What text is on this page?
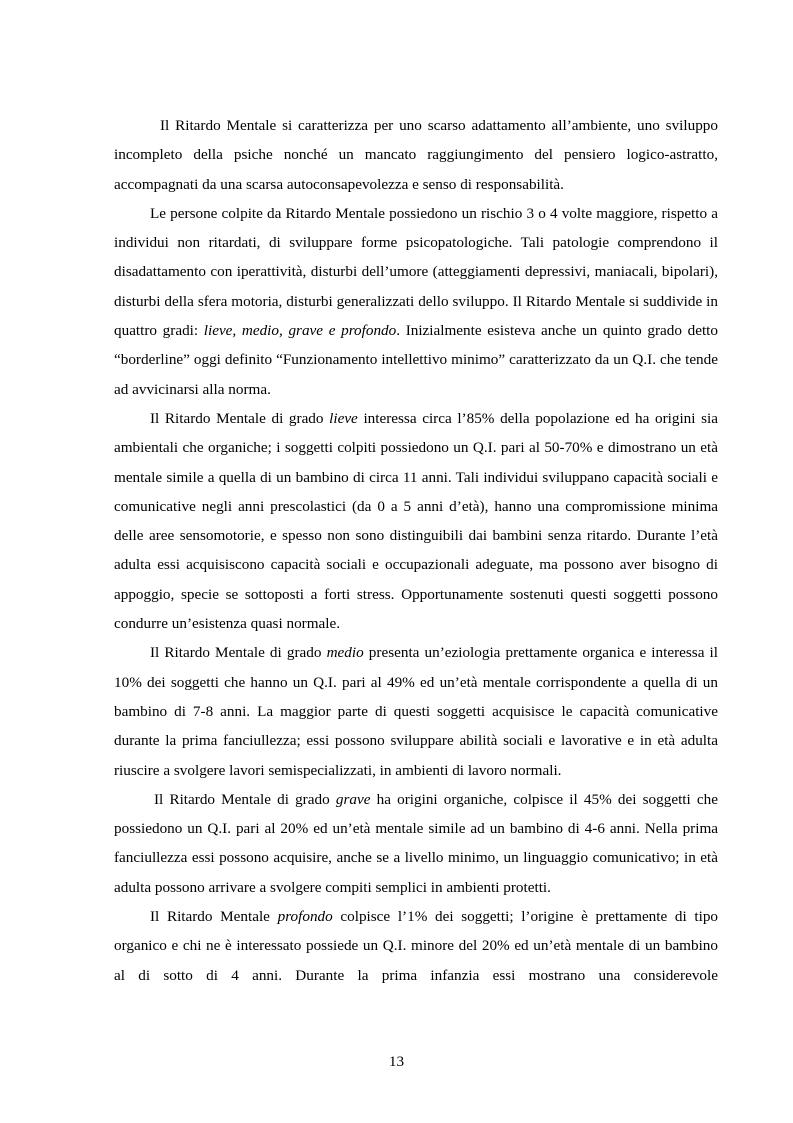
Il Ritardo Mentale si caratterizza per uno scarso adattamento all’ambiente, uno sviluppo incompleto della psiche nonché un mancato raggiungimento del pensiero logico-astratto, accompagnati da una scarsa autoconsapevolezza e senso di responsabilità.

Le persone colpite da Ritardo Mentale possiedono un rischio 3 o 4 volte maggiore, rispetto a individui non ritardati, di sviluppare forme psicopatologiche. Tali patologie comprendono il disadattamento con iperattività, disturbi dell’umore (atteggiamenti depressivi, maniacali, bipolari), disturbi della sfera motoria, disturbi generalizzati dello sviluppo. Il Ritardo Mentale si suddivide in quattro gradi: lieve, medio, grave e profondo. Inizialmente esisteva anche un quinto grado detto “borderline” oggi definito “Funzionamento intellettivo minimo” caratterizzato da un Q.I. che tende ad avvicinarsi alla norma.

Il Ritardo Mentale di grado lieve interessa circa l’85% della popolazione ed ha origini sia ambientali che organiche; i soggetti colpiti possiedono un Q.I. pari al 50-70% e dimostrano un età mentale simile a quella di un bambino di circa 11 anni. Tali individui sviluppano capacità sociali e comunicative negli anni prescolastici (da 0 a 5 anni d’età), hanno una compromissione minima delle aree sensomotorie, e spesso non sono distinguibili dai bambini senza ritardo. Durante l’età adulta essi acquisiscono capacità sociali e occupazionali adeguate, ma possono aver bisogno di appoggio, specie se sottoposti a forti stress. Opportunamente sostenuti questi soggetti possono condurre un’esistenza quasi normale.

Il Ritardo Mentale di grado medio presenta un’eziologia prettamente organica e interessa il 10% dei soggetti che hanno un Q.I. pari al 49% ed un’età mentale corrispondente a quella di un bambino di 7-8 anni. La maggior parte di questi soggetti acquisisce le capacità comunicative durante la prima fanciullezza; essi possono sviluppare abilità sociali e lavorative e in età adulta riuscire a svolgere lavori semispecializzati, in ambienti di lavoro normali.

Il Ritardo Mentale di grado grave ha origini organiche, colpisce il 45% dei soggetti che possiedono un Q.I. pari al 20% ed un’età mentale simile ad un bambino di 4-6 anni. Nella prima fanciullezza essi possono acquisire, anche se a livello minimo, un linguaggio comunicativo; in età adulta possono arrivare a svolgere compiti semplici in ambienti protetti.

Il Ritardo Mentale profondo colpisce l’1% dei soggetti; l’origine è prettamente di tipo organico e chi ne è interessato possiede un Q.I. minore del 20% ed un’età mentale di un bambino al di sotto di 4 anni. Durante la prima infanzia essi mostrano una considerevole

13
